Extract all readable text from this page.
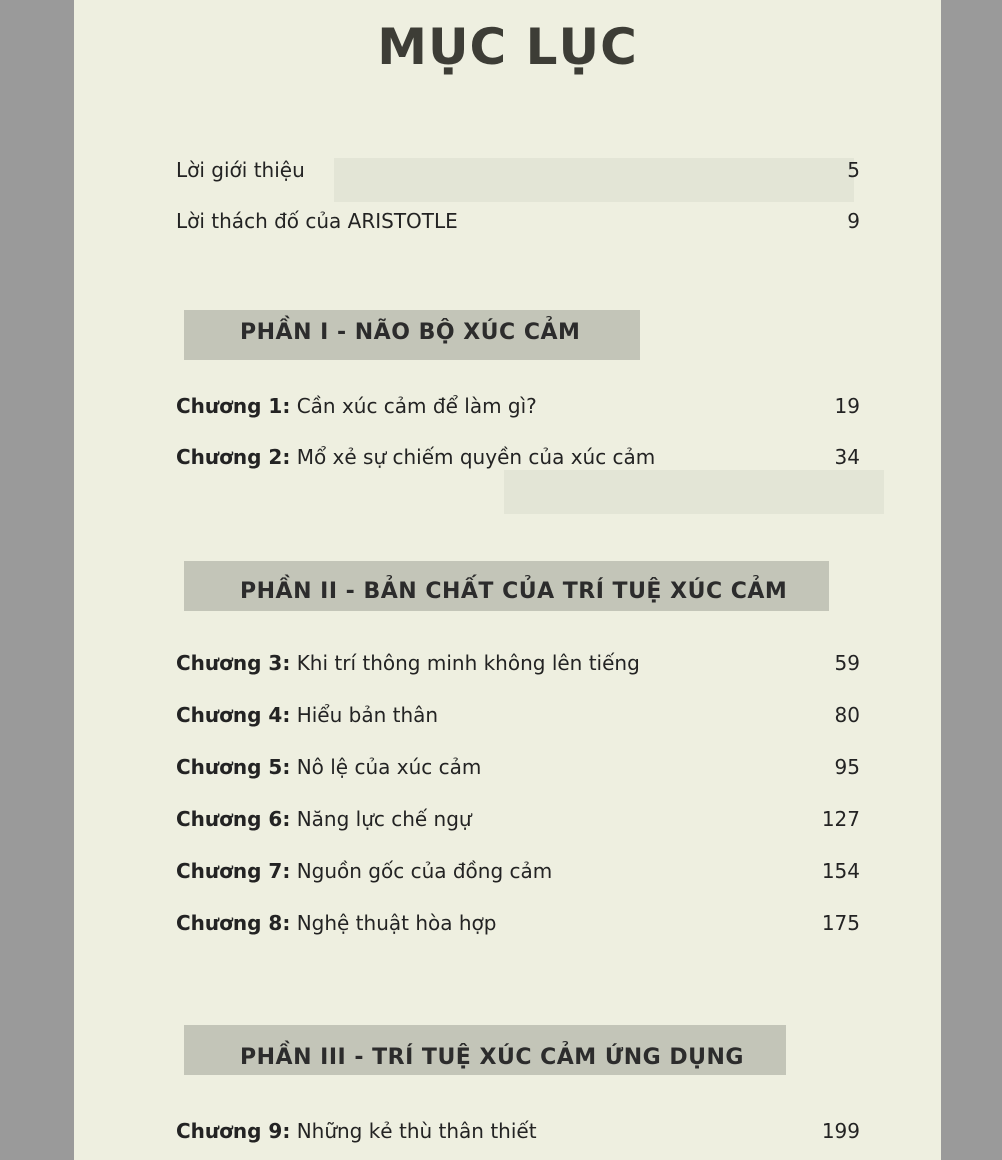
MỤC LỤC
Lời giới thiệu	5
Lời thách đố của ARISTOTLE	9
PHẦN I - NÃO BỘ XÚC CẢM
Chương 1: Cần xúc cảm để làm gì?	19
Chương 2: Mổ xẻ sự chiếm quyền của xúc cảm	34
PHẦN II - BẢN CHẤT CỦA TRÍ TUỆ XÚC CẢM
Chương 3: Khi trí thông minh không lên tiếng	59
Chương 4: Hiểu bản thân	80
Chương 5: Nô lệ của xúc cảm	95
Chương 6: Năng lực chế ngự	127
Chương 7: Nguồn gốc của đồng cảm	154
Chương 8: Nghệ thuật hòa hợp	175
PHẦN III - TRÍ TUỆ XÚC CẢM ỨNG DỤNG
Chương 9: Những kẻ thù thân thiết	199
